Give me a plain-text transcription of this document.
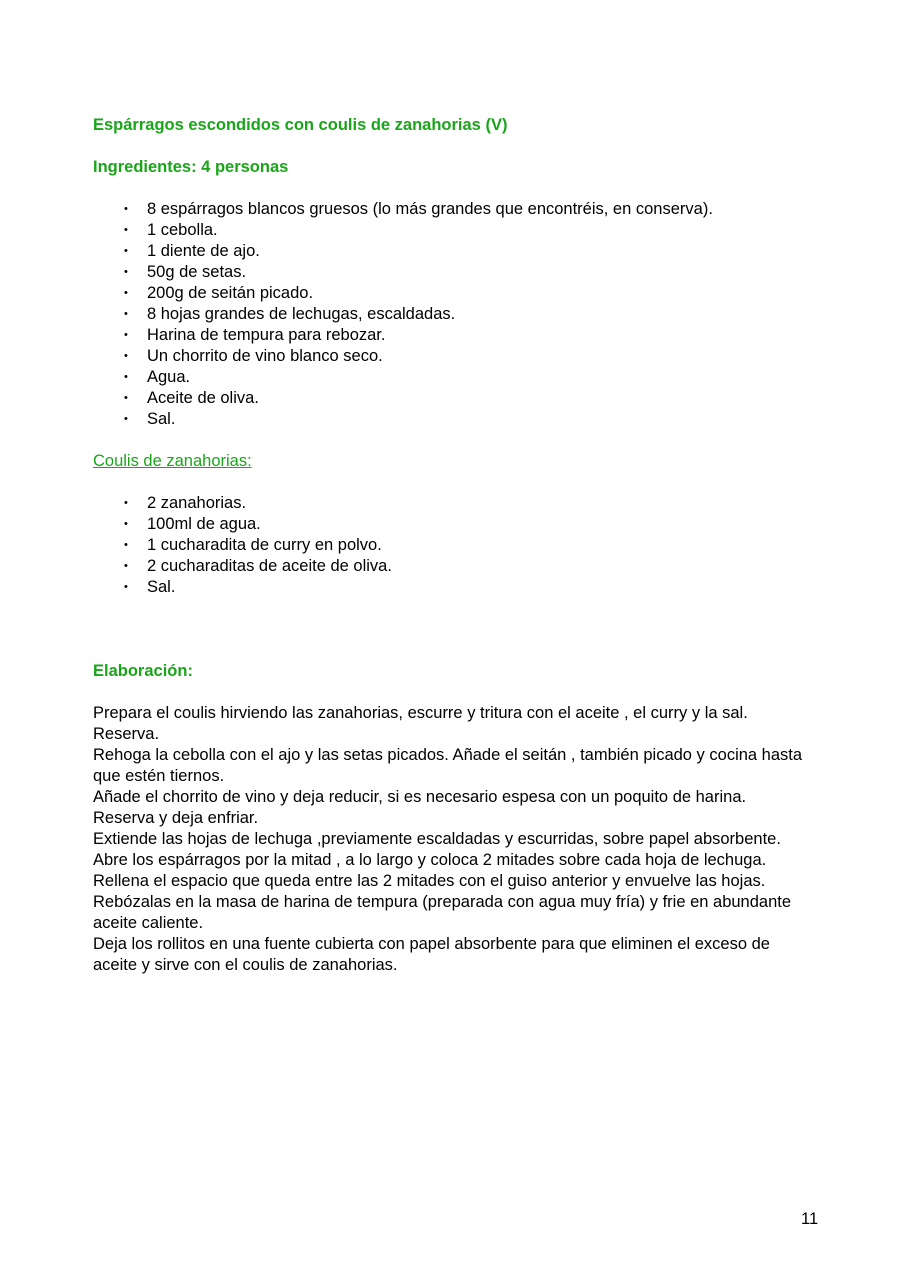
Espárragos escondidos con coulis de zanahorias (V)

Ingredientes: 4 personas

• 8 espárragos blancos gruesos (lo más grandes que encontréis, en conserva).
• 1 cebolla.
• 1 diente de ajo.
• 50g de setas.
• 200g de seitán picado.
• 8 hojas grandes de lechugas, escaldadas.
• Harina de tempura para rebozar.
• Un chorrito de vino blanco seco.
• Agua.
• Aceite de oliva.
• Sal.

Coulis de zanahorias:

• 2 zanahorias.
• 100ml de agua.
• 1 cucharadita de curry en polvo.
• 2 cucharaditas de aceite de oliva.
• Sal.

Elaboración:

Prepara el coulis hirviendo las zanahorias, escurre y tritura con el aceite , el curry y la sal. Reserva.

Rehoga la cebolla con el ajo y las setas picados. Añade el seitán , también picado y cocina hasta que estén tiernos.

Añade el chorrito de vino y deja reducir, si es necesario espesa con un poquito de harina.

Reserva y deja enfriar.

Extiende las hojas de lechuga ,previamente escaldadas y escurridas, sobre papel absorbente. Abre los espárragos por la mitad , a lo largo y coloca 2 mitades sobre cada hoja de lechuga. Rellena el espacio que queda entre las 2 mitades con el guiso anterior y envuelve las hojas.

Rebózalas en la masa de harina de tempura (preparada con agua muy fría) y frie en abundante aceite caliente.

Deja los rollitos en una fuente cubierta con papel absorbente para que eliminen el exceso de aceite y sirve con el coulis de zanahorias.

11
